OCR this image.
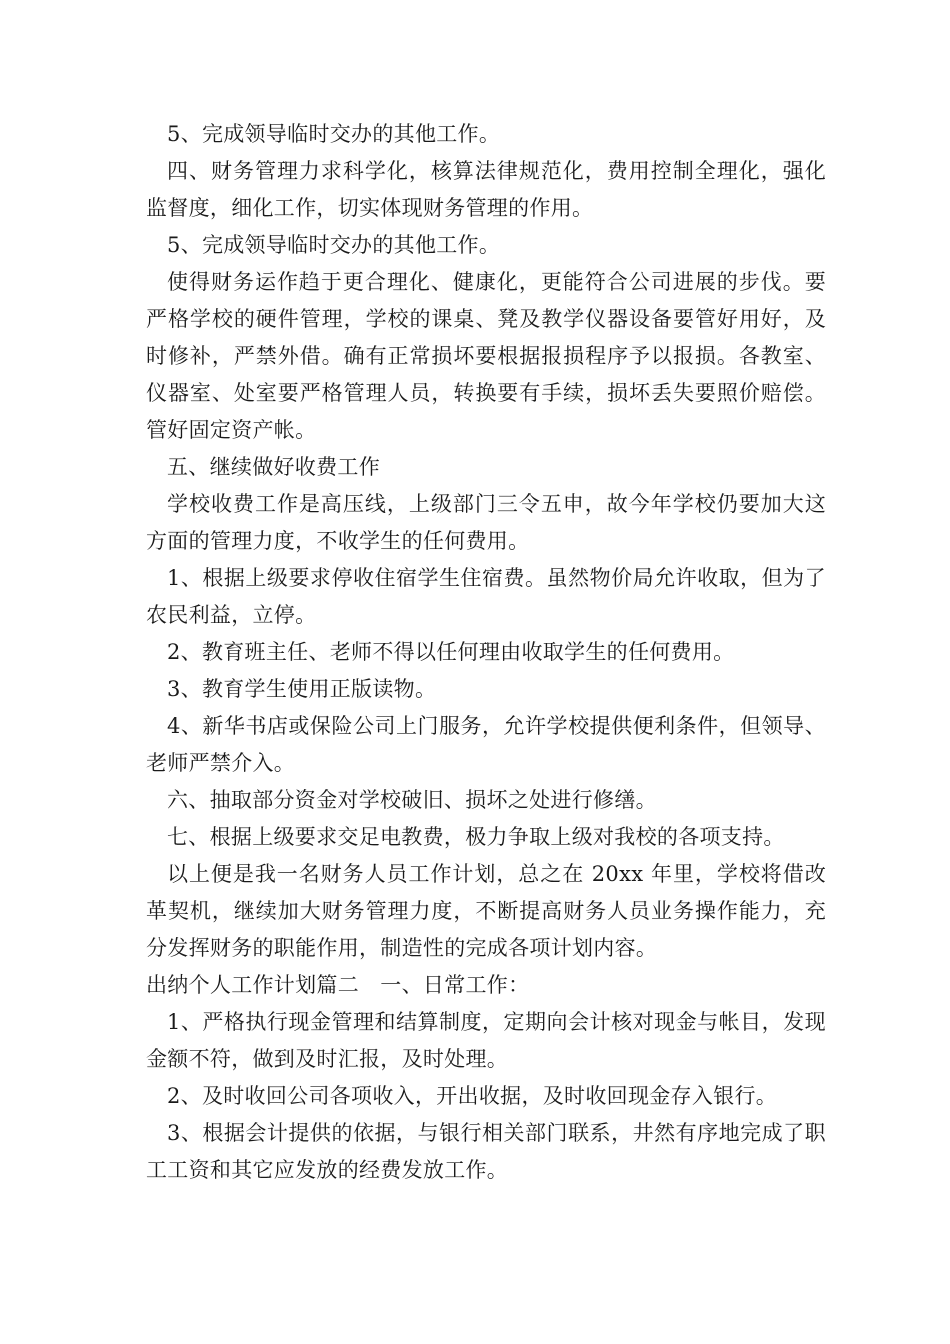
5、完成领导临时交办的其他工作。

四、财务管理力求科学化，核算法律规范化，费用控制全理化，强化监督度，细化工作，切实体现财务管理的作用。

5、完成领导临时交办的其他工作。

使得财务运作趋于更合理化、健康化，更能符合公司进展的步伐。要严格学校的硬件管理，学校的课桌、凳及教学仪器设备要管好用好，及时修补，严禁外借。确有正常损坏要根据报损程序予以报损。各教室、仪器室、处室要严格管理人员，转换要有手续，损坏丢失要照价赔偿。管好固定资产帐。

五、继续做好收费工作

学校收费工作是高压线，上级部门三令五申，故今年学校仍要加大这方面的管理力度，不收学生的任何费用。

1、根据上级要求停收住宿学生住宿费。虽然物价局允许收取，但为了农民利益，立停。

2、教育班主任、老师不得以任何理由收取学生的任何费用。

3、教育学生使用正版读物。

4、新华书店或保险公司上门服务，允许学校提供便利条件，但领导、老师严禁介入。

六、抽取部分资金对学校破旧、损坏之处进行修缮。

七、根据上级要求交足电教费，极力争取上级对我校的各项支持。

以上便是我一名财务人员工作计划，总之在 20xx 年里，学校将借改革契机，继续加大财务管理力度，不断提高财务人员业务操作能力，充分发挥财务的职能作用，制造性的完成各项计划内容。

出纳个人工作计划篇二　一、日常工作：

1、严格执行现金管理和结算制度，定期向会计核对现金与帐目，发现金额不符，做到及时汇报，及时处理。

2、及时收回公司各项收入，开出收据，及时收回现金存入银行。

3、根据会计提供的依据，与银行相关部门联系，井然有序地完成了职工工资和其它应发放的经费发放工作。
